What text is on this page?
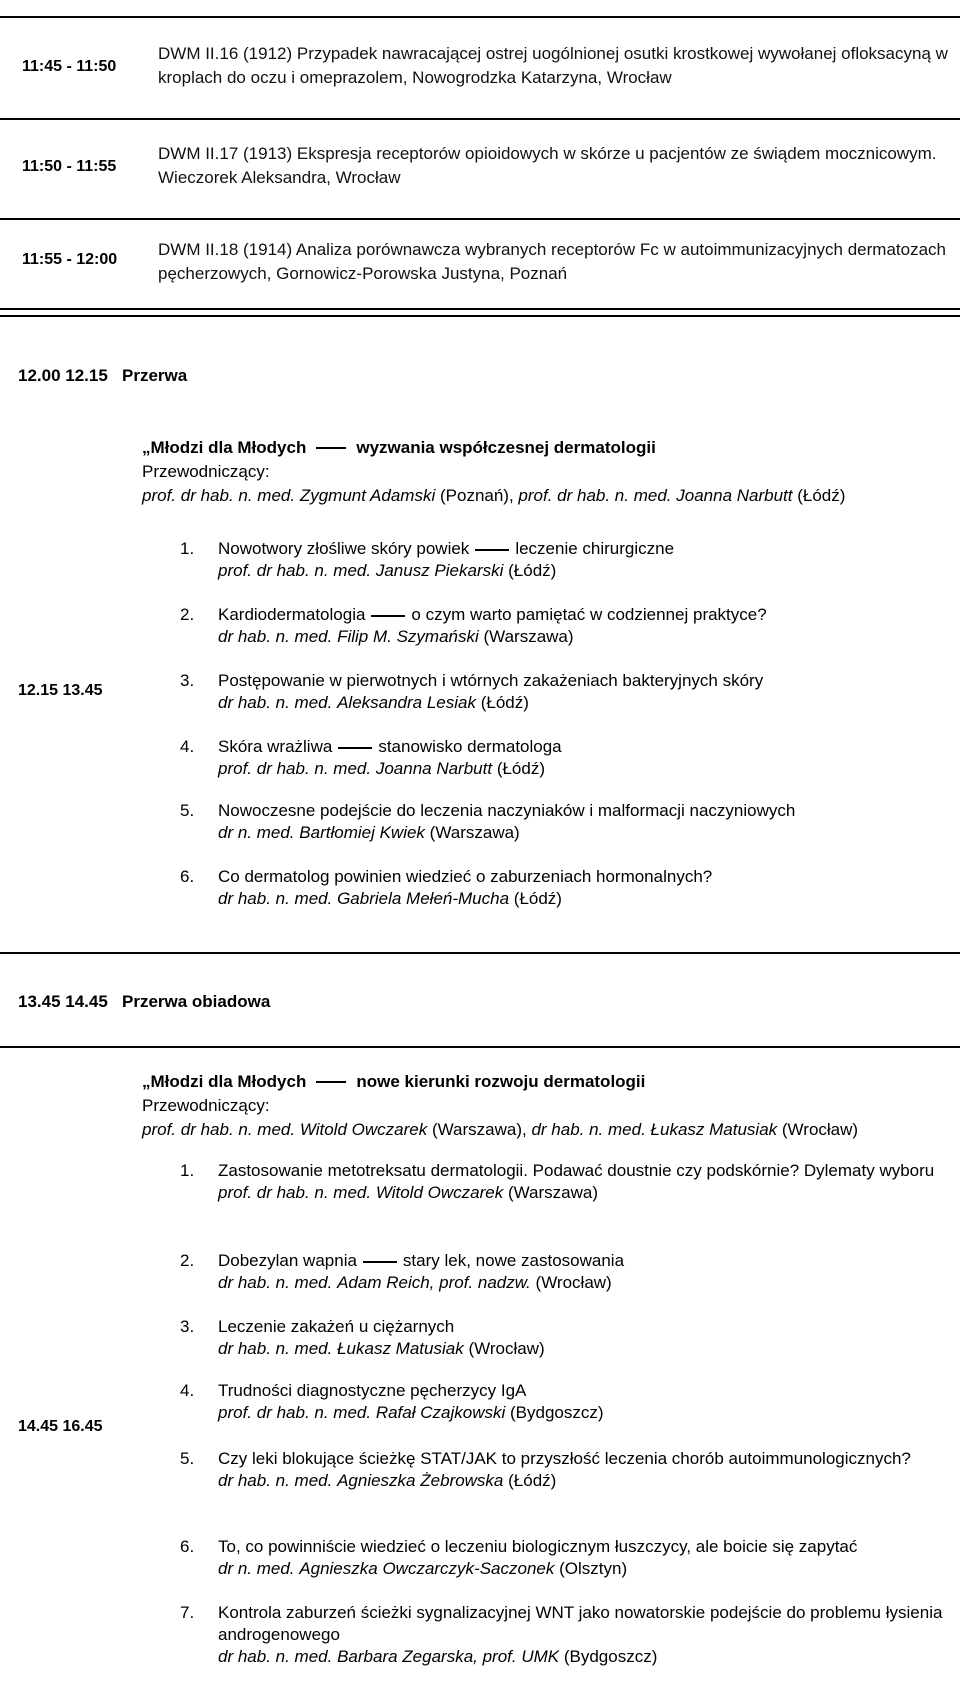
11:45 - 11:50
DWM II.16 (1912) Przypadek nawracającej ostrej uogólnionej osutki krostkowej wywołanej ofloksacyną w kroplach do oczu i omeprazolem, Nowogrodzka Katarzyna, Wrocław
11:50 - 11:55
DWM II.17 (1913) Ekspresja receptorów opioidowych w skórze u pacjentów ze świądem mocznicowym. Wieczorek Aleksandra, Wrocław
11:55 - 12:00
DWM II.18 (1914) Analiza porównawcza wybranych receptorów Fc w autoimmunizacyjnych dermatozach pęcherzowych, Gornowicz-Porowska Justyna, Poznań
12.00 12.15 Przerwa
„Młodzi dla Młodych	wyzwania współczesnej dermatologii
Przewodniczący:
prof. dr hab. n. med. Zygmunt Adamski (Poznań), prof. dr hab. n. med. Joanna Narbutt (Łódź)
12.15 13.45
1. Nowotwory złośliwe skóry powiek	leczenie chirurgiczne
prof. dr hab. n. med. Janusz Piekarski (Łódź)
2. Kardiodermatologia	o czym warto pamiętać w codziennej praktyce?
dr hab. n. med. Filip M. Szymański (Warszawa)
3. Postępowanie w pierwotnych i wtórnych zakażeniach bakteryjnych skóry
dr hab. n. med. Aleksandra Lesiak (Łódź)
4. Skóra wrażliwa	stanowisko dermatologa
prof. dr hab. n. med. Joanna Narbutt (Łódź)
5. Nowoczesne podejście do leczenia naczyniaków i malformacji naczyniowych
dr n. med. Bartłomiej Kwiek (Warszawa)
6. Co dermatolog powinien wiedzieć o zaburzeniach hormonalnych?
dr hab. n. med. Gabriela Mełeń-Mucha (Łódź)
13.45 14.45 Przerwa obiadowa
„Młodzi dla Młodych	nowe kierunki rozwoju dermatologii
Przewodniczący:
prof. dr hab. n. med. Witold Owczarek (Warszawa), dr hab. n. med. Łukasz Matusiak (Wrocław)
14.45 16.45
1. Zastosowanie metotreksatu dermatologii. Podawać doustnie czy podskórnie? Dylematy wyboru
prof. dr hab. n. med. Witold Owczarek (Warszawa)
2. Dobezylan wapnia	stary lek, nowe zastosowania
dr hab. n. med. Adam Reich, prof. nadzw. (Wrocław)
3. Leczenie zakażeń u ciężarnych
dr hab. n. med. Łukasz Matusiak (Wrocław)
4. Trudności diagnostyczne pęcherzycy IgA
prof. dr hab. n. med. Rafał Czajkowski (Bydgoszcz)
5. Czy leki blokujące ścieżkę STAT/JAK to przyszłość leczenia chorób autoimmunologicznych?
dr hab. n. med. Agnieszka Żebrowska (Łódź)
6. To, co powinniście wiedzieć o leczeniu biologicznym łuszczycy, ale boicie się zapytać
dr n. med. Agnieszka Owczarczyk-Saczonek (Olsztyn)
7. Kontrola zaburzeń ścieżki sygnalizacyjnej WNT jako nowatorskie podejście do problemu łysienia androgenowego
dr hab. n. med. Barbara Zegarska, prof. UMK (Bydgoszcz)
